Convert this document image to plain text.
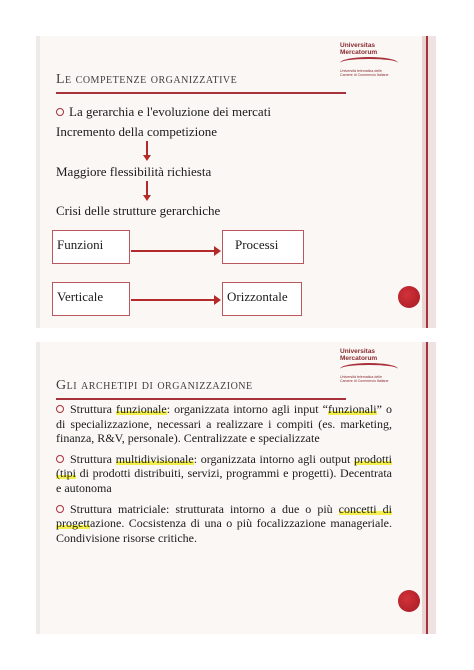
Universitas
Mercatorum
Università telematica delle
Camere di Commercio Italiane
Le competenze organizzative
La gerarchia e l'evoluzione dei mercati
Incremento della competizione
Maggiore flessibilità richiesta
Crisi delle strutture gerarchiche
Funzioni	Processi
Verticale	Orizzontale
Universitas
Mercatorum
Università telematica delle
Camere di Commercio Italiane
Gli archetipi di organizzazione
Struttura funzionale: organizzata intorno agli input “funzionali” o di specializzazione, necessari a realizzare i compiti (es. marketing, finanza, R&V, personale). Centralizzate e specializzate
Struttura multidivisionale: organizzata intorno agli output prodotti (tipi di prodotti distribuiti, servizi, programmi e progetti). Decentrata e autonoma
Struttura matriciale: strutturata intorno a due o più concetti di progettazione. Cocsistenza di una o più focalizzazione manageriale. Condivisione risorse critiche.
